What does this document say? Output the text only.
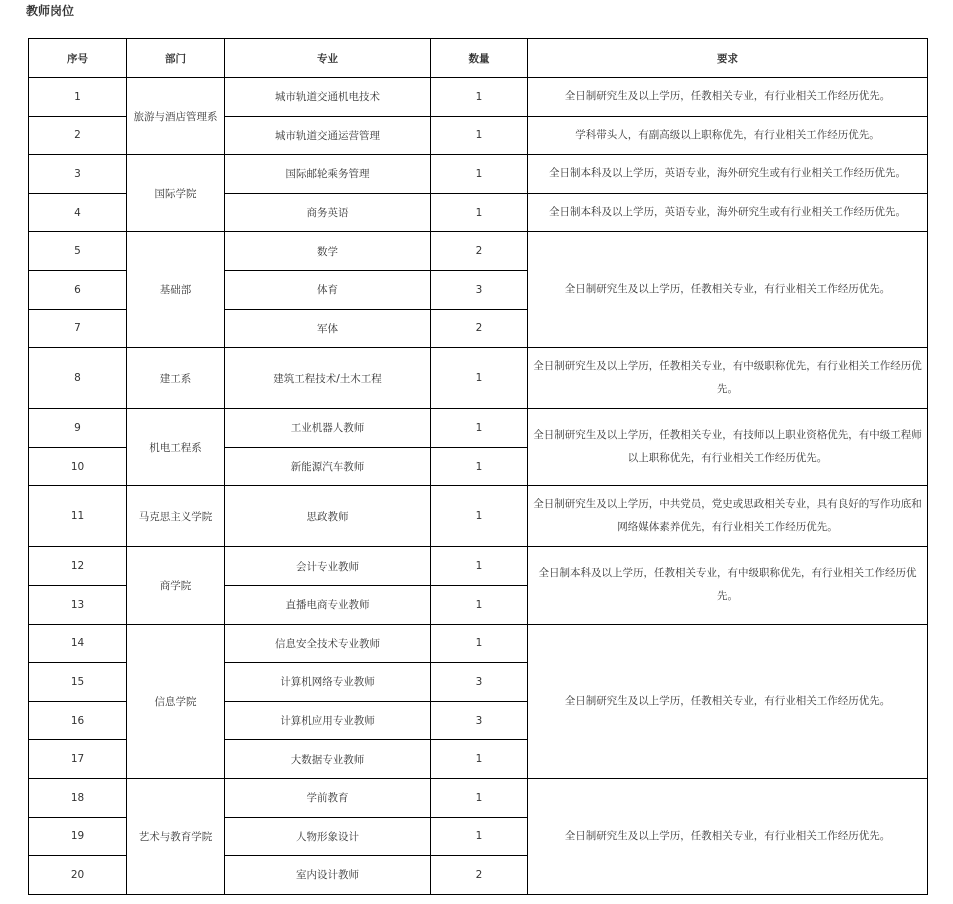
教师岗位
序号	部门	专业	数量	要求
1	旅游与酒店管理系	城市轨道交通机电技术	1	全日制研究生及以上学历，任教相关专业，有行业相关工作经历优先。
2		城市轨道交通运营管理	1	学科带头人，有副高级以上职称优先，有行业相关工作经历优先。
3	国际学院	国际邮轮乘务管理	1	全日制本科及以上学历，英语专业，海外研究生或有行业相关工作经历优先。
4		商务英语	1	全日制本科及以上学历，英语专业，海外研究生或有行业相关工作经历优先。
5	基础部	数学	2	全日制研究生及以上学历，任教相关专业，有行业相关工作经历优先。
6		体育	3	
7		军体	2	
8	建工系	建筑工程技术/土木工程	1	全日制研究生及以上学历，任教相关专业，有中级职称优先，有行业相关工作经历优先。
9	机电工程系	工业机器人教师	1	全日制研究生及以上学历，任教相关专业，有技师以上职业资格优先，有中级工程师以上职称优先，有行业相关工作经历优先。
10		新能源汽车教师	1	
11	马克思主义学院	思政教师	1	全日制研究生及以上学历，中共党员，党史或思政相关专业，具有良好的写作功底和网络媒体素养优先，有行业相关工作经历优先。
12	商学院	会计专业教师	1	全日制本科及以上学历，任教相关专业，有中级职称优先，有行业相关工作经历优先。
13		直播电商专业教师	1	
14	信息学院	信息安全技术专业教师	1	全日制研究生及以上学历，任教相关专业，有行业相关工作经历优先。
15		计算机网络专业教师	3	
16		计算机应用专业教师	3	
17		大数据专业教师	1	
18	艺术与教育学院	学前教育	1	全日制研究生及以上学历，任教相关专业，有行业相关工作经历优先。
19		人物形象设计	1	
20		室内设计教师	2	
